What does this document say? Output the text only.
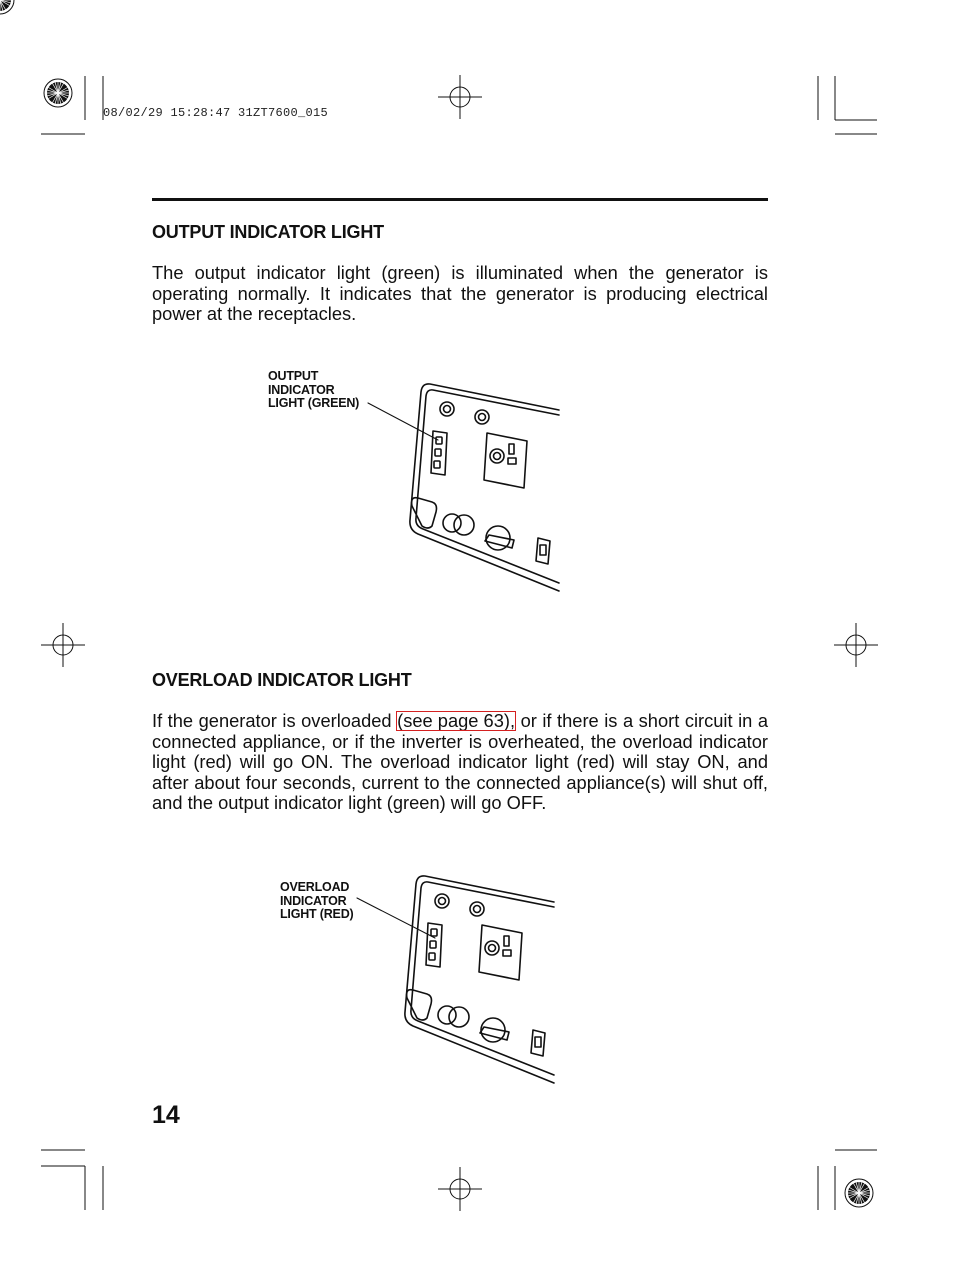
08/02/29 15:28:47 31ZT7600_015
OUTPUT INDICATOR LIGHT
The output indicator light (green) is illuminated when the generator is operating normally. It indicates that the generator is producing electrical power at the receptacles.
OUTPUT
INDICATOR
LIGHT (GREEN)
OVERLOAD INDICATOR LIGHT
If the generator is overloaded (see page 63), or if there is a short circuit in a connected appliance, or if the inverter is overheated, the overload indicator light (red) will go ON. The overload indicator light (red) will stay ON, and after about four seconds, current to the connected appliance(s) will shut off, and the output indicator light (green) will go OFF.
OVERLOAD
INDICATOR
LIGHT (RED)
14
